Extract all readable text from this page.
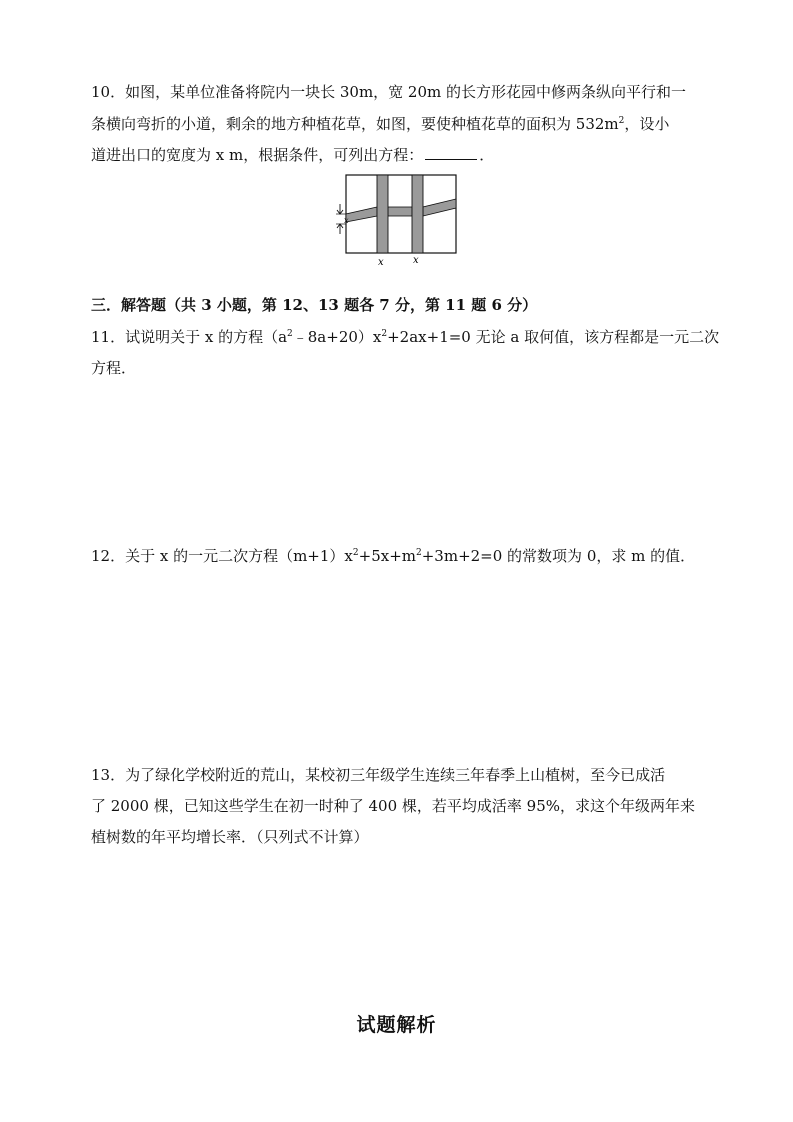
10．如图，某单位准备将院内一块长 30m，宽 20m 的长方形花园中修两条纵向平行和一
条横向弯折的小道，剩余的地方种植花草，如图，要使种植花草的面积为 $532m^2$，设小
道进出口的宽度为 x m，根据条件，可列出方程：	．
x
x	x
三．解答题（共 3 小题，第 12、13 题各 7 分，第 11 题 6 分）
11．试说明关于 x 的方程$(a^2﹣8a+20)x^2+2ax+1=0$ 无论 a 取何值，该方程都是一元二次
方程．
12．关于 x 的一元二次方程$(m+1)x^2+5x+m^2+3m+2=0$ 的常数项为 0，求 m 的值．
13．为了绿化学校附近的荒山，某校初三年级学生连续三年春季上山植树，至今已成活
了 2000 棵，已知这些学生在初一时种了 400 棵，若平均成活率 95%，求这个年级两年来
植树数的年平均增长率．（只列式不计算）
试题解析
